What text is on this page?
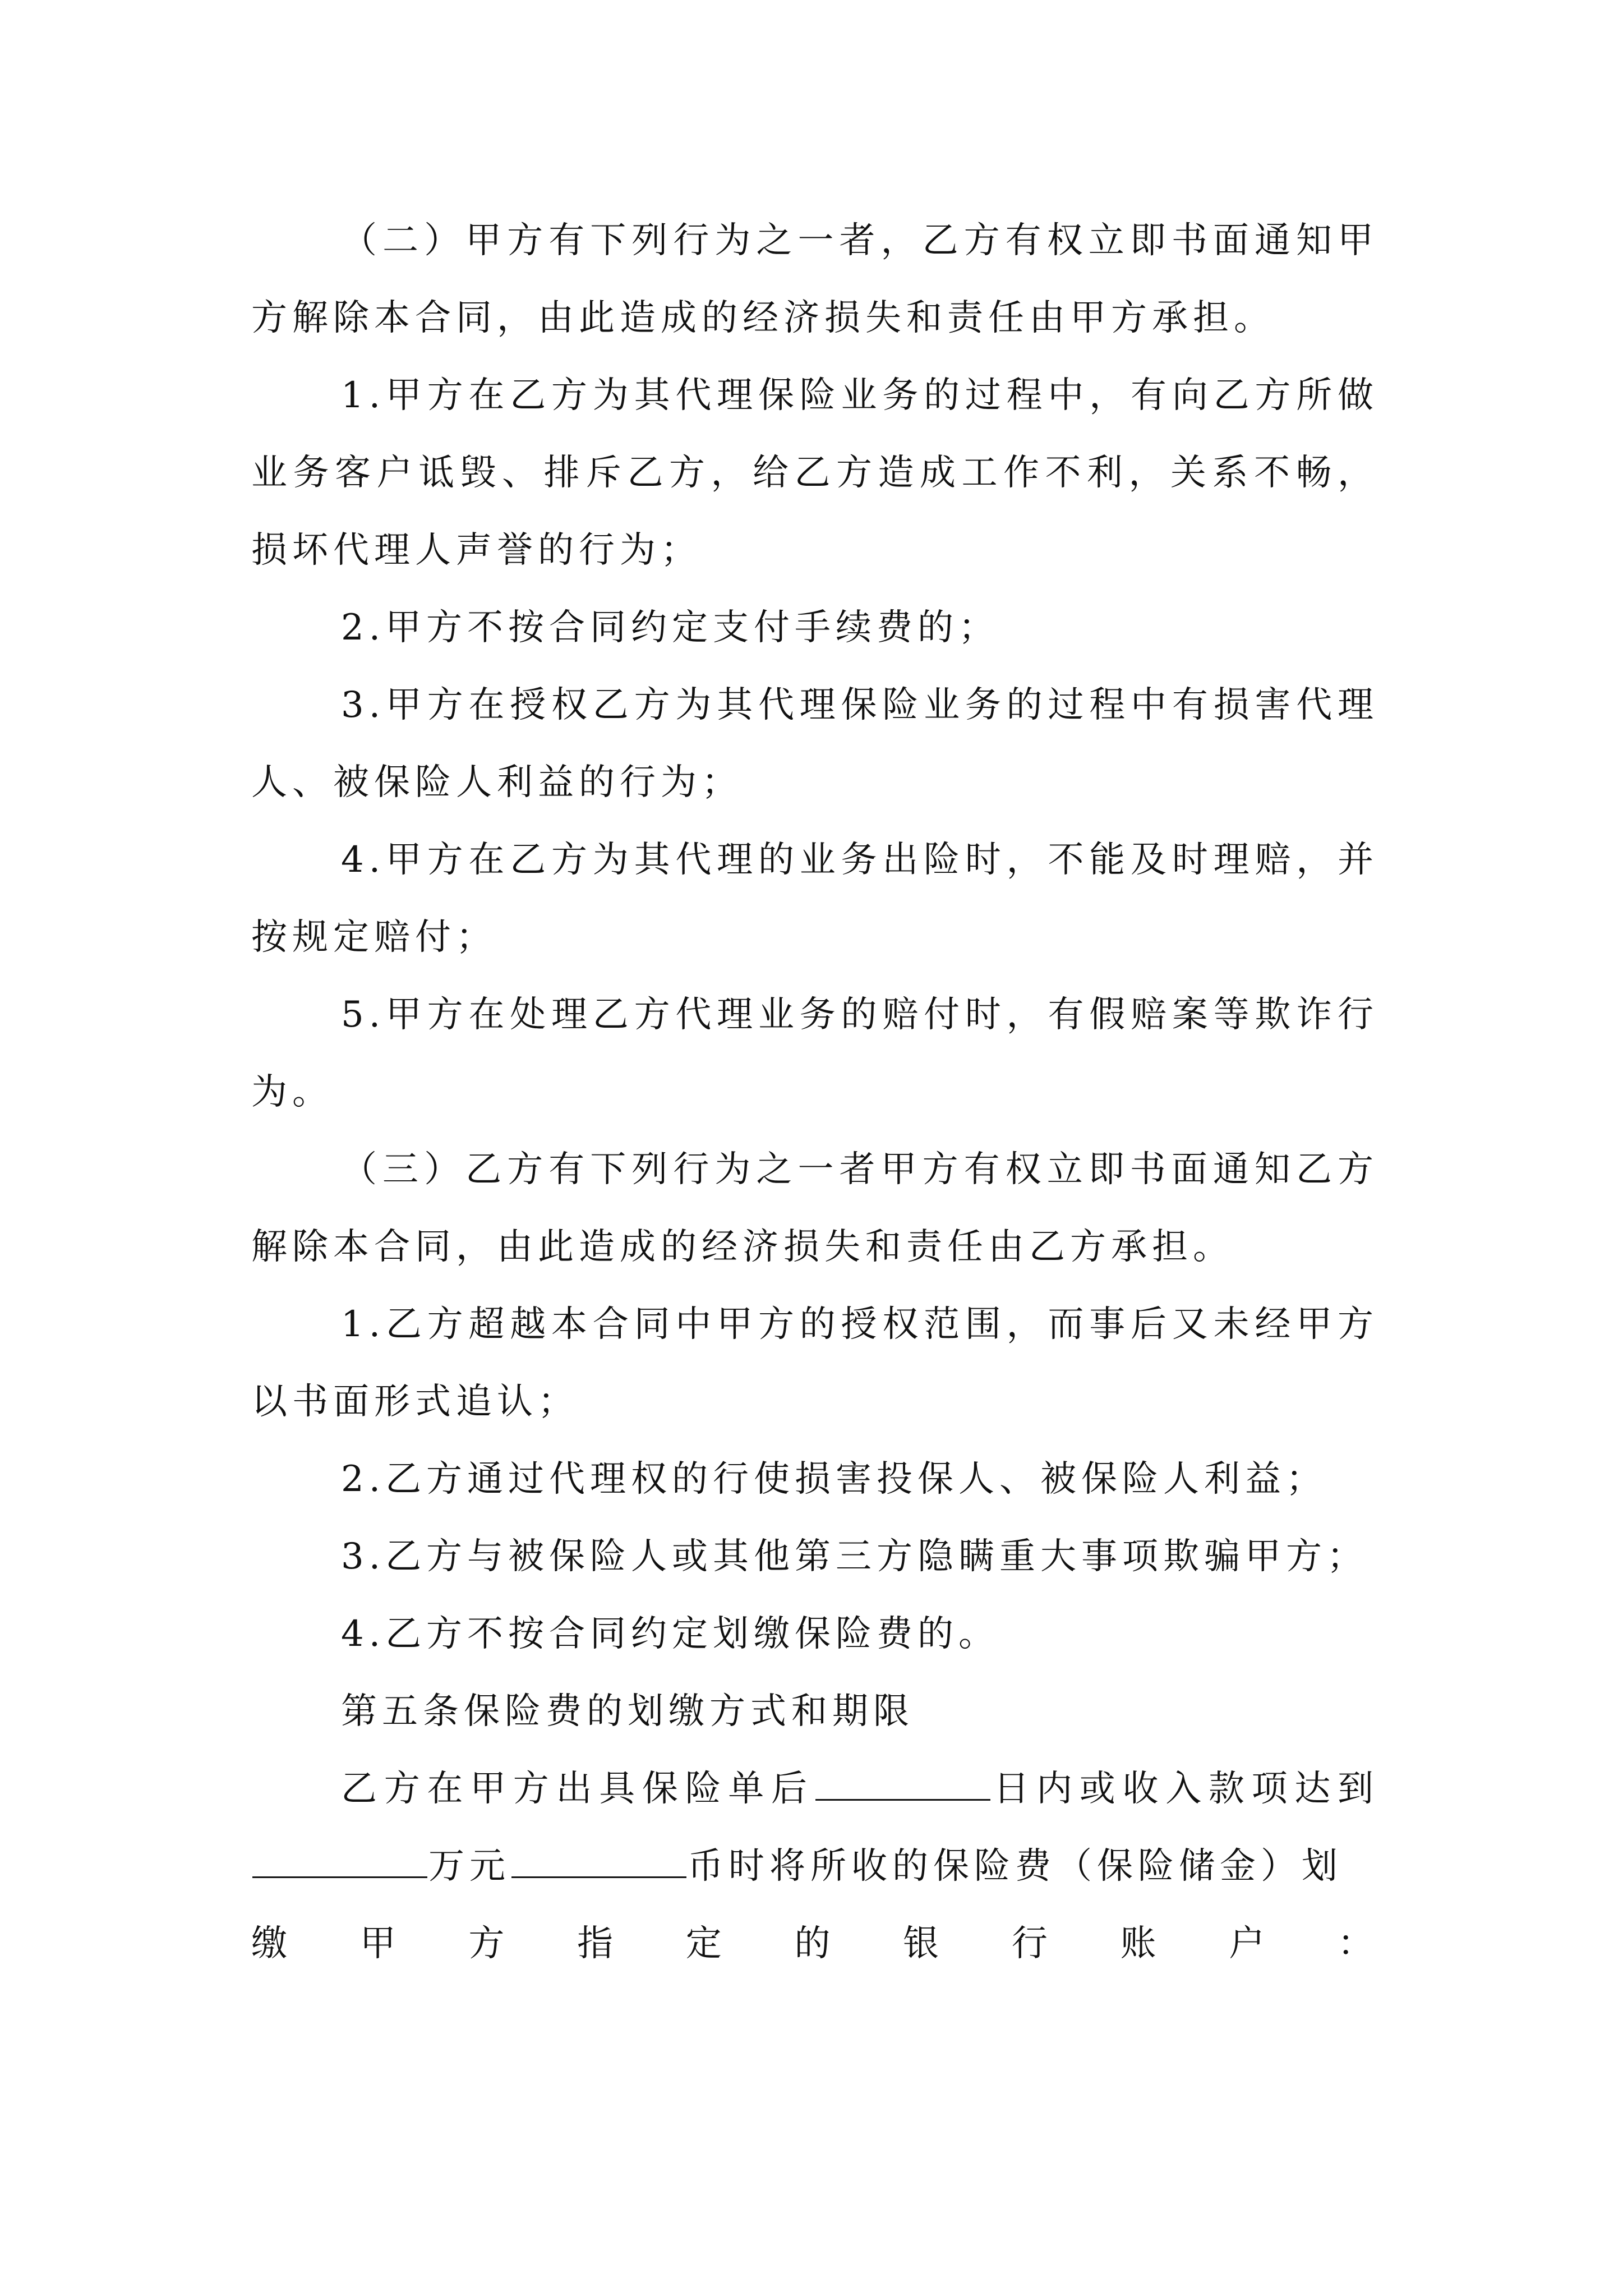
（二）甲方有下列行为之一者，乙方有权立即书面通知甲方解除本合同，由此造成的经济损失和责任由甲方承担。

1.甲方在乙方为其代理保险业务的过程中，有向乙方所做业务客户诋毁、排斥乙方，给乙方造成工作不利，关系不畅，损坏代理人声誉的行为；

2.甲方不按合同约定支付手续费的；

3.甲方在授权乙方为其代理保险业务的过程中有损害代理人、被保险人利益的行为；

4.甲方在乙方为其代理的业务出险时，不能及时理赔，并按规定赔付；

5.甲方在处理乙方代理业务的赔付时，有假赔案等欺诈行为。

（三）乙方有下列行为之一者甲方有权立即书面通知乙方解除本合同，由此造成的经济损失和责任由乙方承担。

1.乙方超越本合同中甲方的授权范围，而事后又未经甲方以书面形式追认；

2.乙方通过代理权的行使损害投保人、被保险人利益；

3.乙方与被保险人或其他第三方隐瞒重大事项欺骗甲方；

4.乙方不按合同约定划缴保险费的。

第五条保险费的划缴方式和期限

乙方在甲方出具保险单后	日内或收入款项达到万元	币时将所收的保险费（保险储金）划

缴 甲 方 指 定 的 银 行 账 户 ：
